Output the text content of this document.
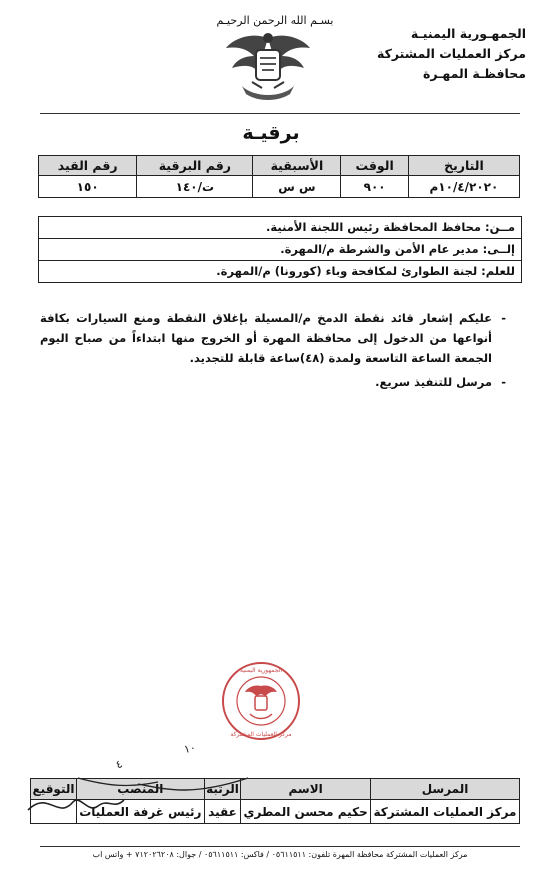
بسـم الله الرحمن الرحيـم
الجمهـورية اليمنيـة
مركز العمليات المشتركة
محافظـة المهـرة
برقيـة
التاريخ	الوقت	الأسبقية	رقم البرقية	رقم القيد
١٠/٤/٢٠٢٠م	٩٠٠	س س	ت/١٤٠	١٥٠
مــن: محافظ المحافظة رئيس اللجنة الأمنية.
إلــى: مدير عام الأمن والشرطة م/المهرة.
للعلم: لجنة الطوارئ لمكافحة وباء (كورونا) م/المهرة.

- عليكم إشعار قائد نقطة الدمخ م/المسيلة بإغلاق النقطة ومنع السيارات بكافة أنواعها من الدخول إلى محافظة المهرة أو الخروج منها ابتداءاً من صباح اليوم الجمعة الساعة التاسعة ولمدة (٤٨)ساعة قابلة للتجديد.

- مرسل للتنفيذ سريع.

الجمهورية اليمنية
مركز العمليات المشتركة
١٠
٤
المرسل	الاسم	الرتبة	المنصب	التوقيع
مركز العمليات المشتركة	حكيم محسن المطري	عقيد	رئيس غرفة العمليات	
مركز العمليات المشتركة محافظة المهرة تلفون: ٠٥٦١١٥١١ / فاكس: ٠٥٦١١٥١١ / جوال: ٧١٢٠٢٦٢٠٨ + واتس اب
